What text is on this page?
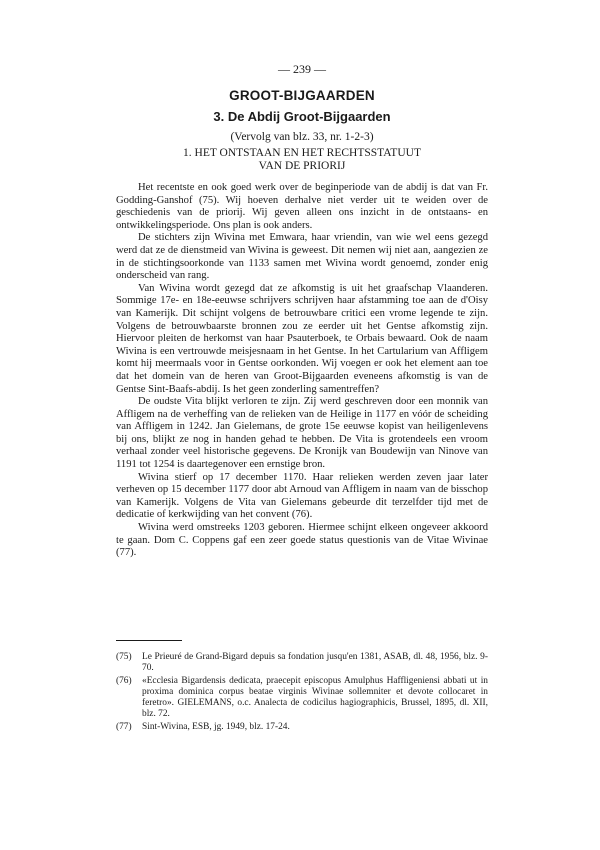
— 239 —
GROOT-BIJGAARDEN
3. De Abdij Groot-Bijgaarden
(Vervolg van blz. 33, nr. 1-2-3)
1. HET ONTSTAAN EN HET RECHTSSTATUUT
VAN DE PRIORIJ

Het recentste en ook goed werk over de beginperiode van de abdij is dat van Fr. Godding-Ganshof (75). Wij hoeven derhalve niet verder uit te weiden over de geschiedenis van de priorij. Wij geven alleen ons inzicht in de ontstaans- en ontwikkelingsperiode. Ons plan is ook anders.

De stichters zijn Wivina met Emwara, haar vriendin, van wie wel eens gezegd werd dat ze de dienstmeid van Wivina is geweest. Dit nemen wij niet aan, aangezien ze in de stichtingsoorkonde van 1133 samen met Wivina wordt genoemd, zonder enig onderscheid van rang.

Van Wivina wordt gezegd dat ze afkomstig is uit het graafschap Vlaanderen. Sommige 17e- en 18e-eeuwse schrijvers schrijven haar afstamming toe aan de d'Oisy van Kamerijk. Dit schijnt volgens de betrouwbare critici een vrome legende te zijn. Volgens de betrouwbaarste bronnen zou ze eerder uit het Gentse afkomstig zijn. Hiervoor pleiten de herkomst van haar Psauterboek, te Orbais bewaard. Ook de naam Wivina is een vertrouwde meisjesnaam in het Gentse. In het Cartularium van Affligem komt hij meermaals voor in Gentse oorkonden. Wij voegen er ook het element aan toe dat het domein van de heren van Groot-Bijgaarden eveneens afkomstig is van de Gentse Sint-Baafs-abdij. Is het geen zonderling samentreffen?

De oudste Vita blijkt verloren te zijn. Zij werd geschreven door een monnik van Affligem na de verheffing van de relieken van de Heilige in 1177 en vóór de scheiding van Affligem in 1242. Jan Gielemans, de grote 15e eeuwse kopist van heiligenlevens bij ons, blijkt ze nog in handen gehad te hebben. De Vita is grotendeels een vroom verhaal zonder veel historische gegevens. De Kronijk van Boudewijn van Ninove van 1191 tot 1254 is daartegenover een ernstige bron.

Wivina stierf op 17 december 1170. Haar relieken werden zeven jaar later verheven op 15 december 1177 door abt Arnoud van Affligem in naam van de bisschop van Kamerijk. Volgens de Vita van Gielemans gebeurde dit terzelfder tijd met de dedicatie of kerkwijding van het convent (76).

Wivina werd omstreeks 1203 geboren. Hiermee schijnt elkeen ongeveer akkoord te gaan. Dom C. Coppens gaf een zeer goede status questionis van de Vitae Wivinae (77).

(75)	Le Prieuré de Grand-Bigard depuis sa fondation jusqu'en 1381, ASAB, dl. 48, 1956, blz. 9-70.
(76)	«Ecclesia Bigardensis dedicata, praecepit episcopus Amulphus Haffligeniensi abbati ut in proxima dominica corpus beatae virginis Wivinae sollemniter et devote collocaret in feretro». GIELEMANS, o.c. Analecta de codicilus hagiographicis, Brussel, 1895, dl. XII, blz. 72.
(77)	Sint-Wivina, ESB, jg. 1949, blz. 17-24.
